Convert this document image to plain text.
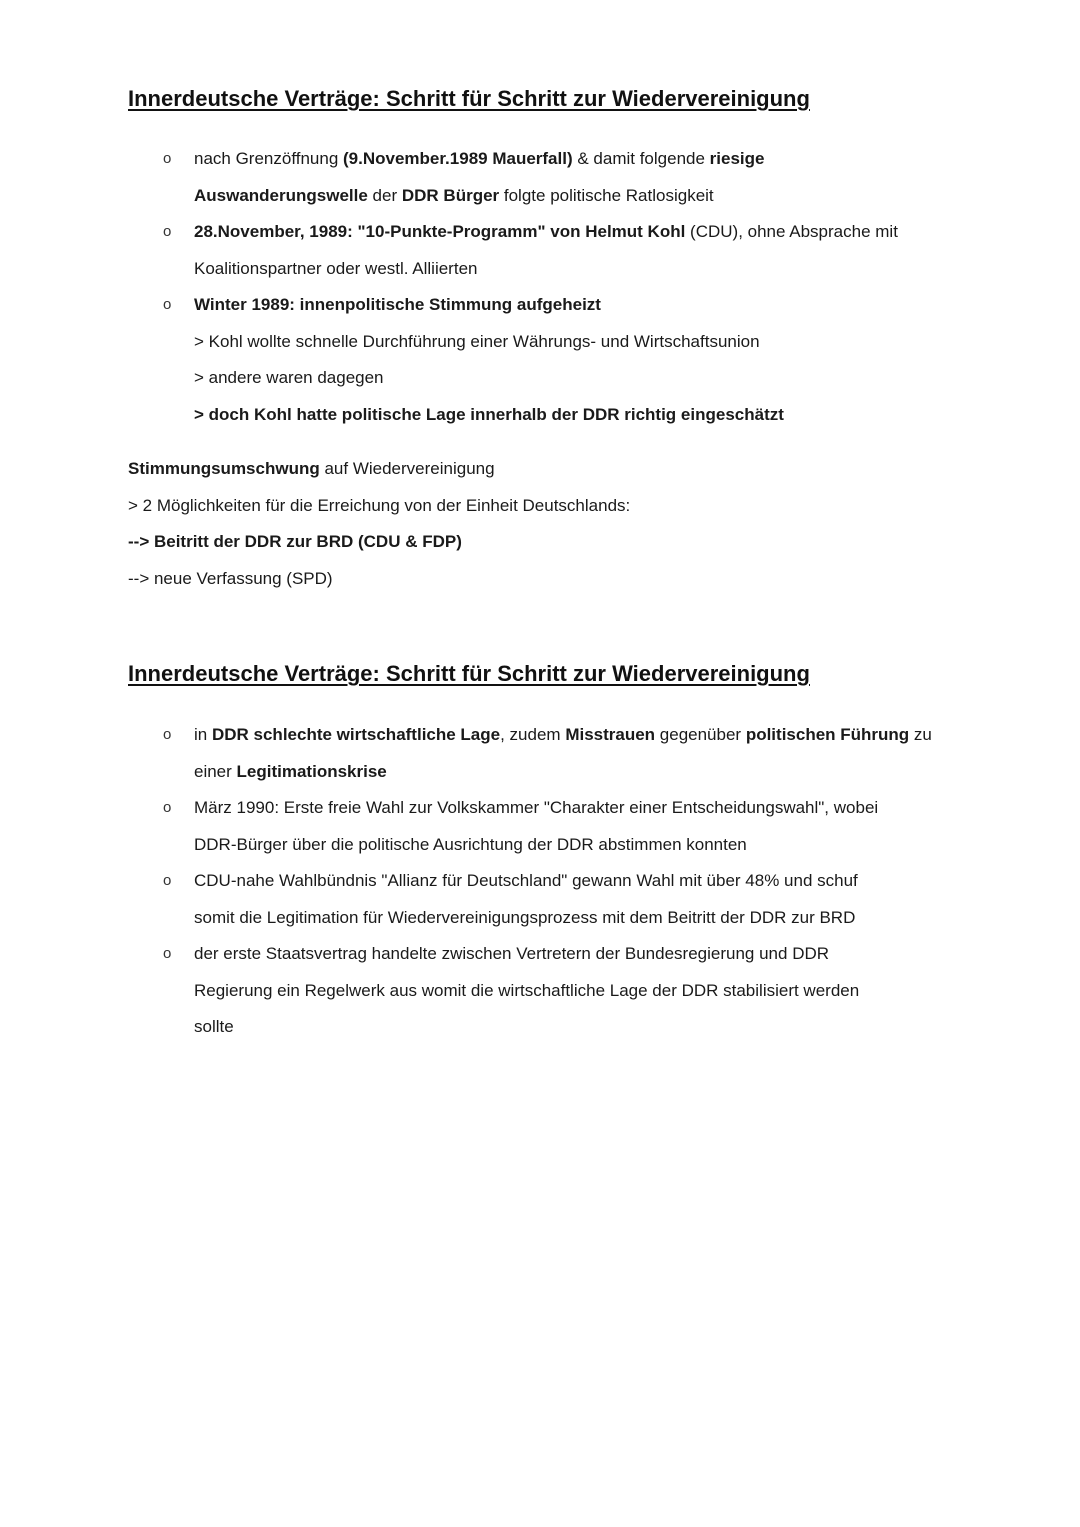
Innerdeutsche Verträge: Schritt für Schritt zur Wiedervereinigung
o nach Grenzöffnung (9.November.1989 Mauerfall) & damit folgende riesige
Auswanderungswelle der DDR Bürger folgte politische Ratlosigkeit
o 28.November, 1989: "10-Punkte-Programm" von Helmut Kohl (CDU), ohne Absprache mit
Koalitionspartner oder westl. Alliierten
o Winter 1989: innenpolitische Stimmung aufgeheizt
> Kohl wollte schnelle Durchführung einer Währungs- und Wirtschaftsunion
> andere waren dagegen
> doch Kohl hatte politische Lage innerhalb der DDR richtig eingeschätzt

Stimmungsumschwung auf Wiedervereinigung

> 2 Möglichkeiten für die Erreichung von der Einheit Deutschlands:

--> Beitritt der DDR zur BRD (CDU & FDP)

--> neue Verfassung (SPD)

Innerdeutsche Verträge: Schritt für Schritt zur Wiedervereinigung
o in DDR schlechte wirtschaftliche Lage, zudem Misstrauen gegenüber politischen Führung zu
einer Legitimationskrise
o März 1990: Erste freie Wahl zur Volkskammer "Charakter einer Entscheidungswahl", wobei
DDR-Bürger über die politische Ausrichtung der DDR abstimmen konnten
o CDU-nahe Wahlbündnis "Allianz für Deutschland" gewann Wahl mit über 48% und schuf
somit die Legitimation für Wiedervereinigungsprozess mit dem Beitritt der DDR zur BRD
o der erste Staatsvertrag handelte zwischen Vertretern der Bundesregierung und DDR
Regierung ein Regelwerk aus womit die wirtschaftliche Lage der DDR stabilisiert werden
sollte
